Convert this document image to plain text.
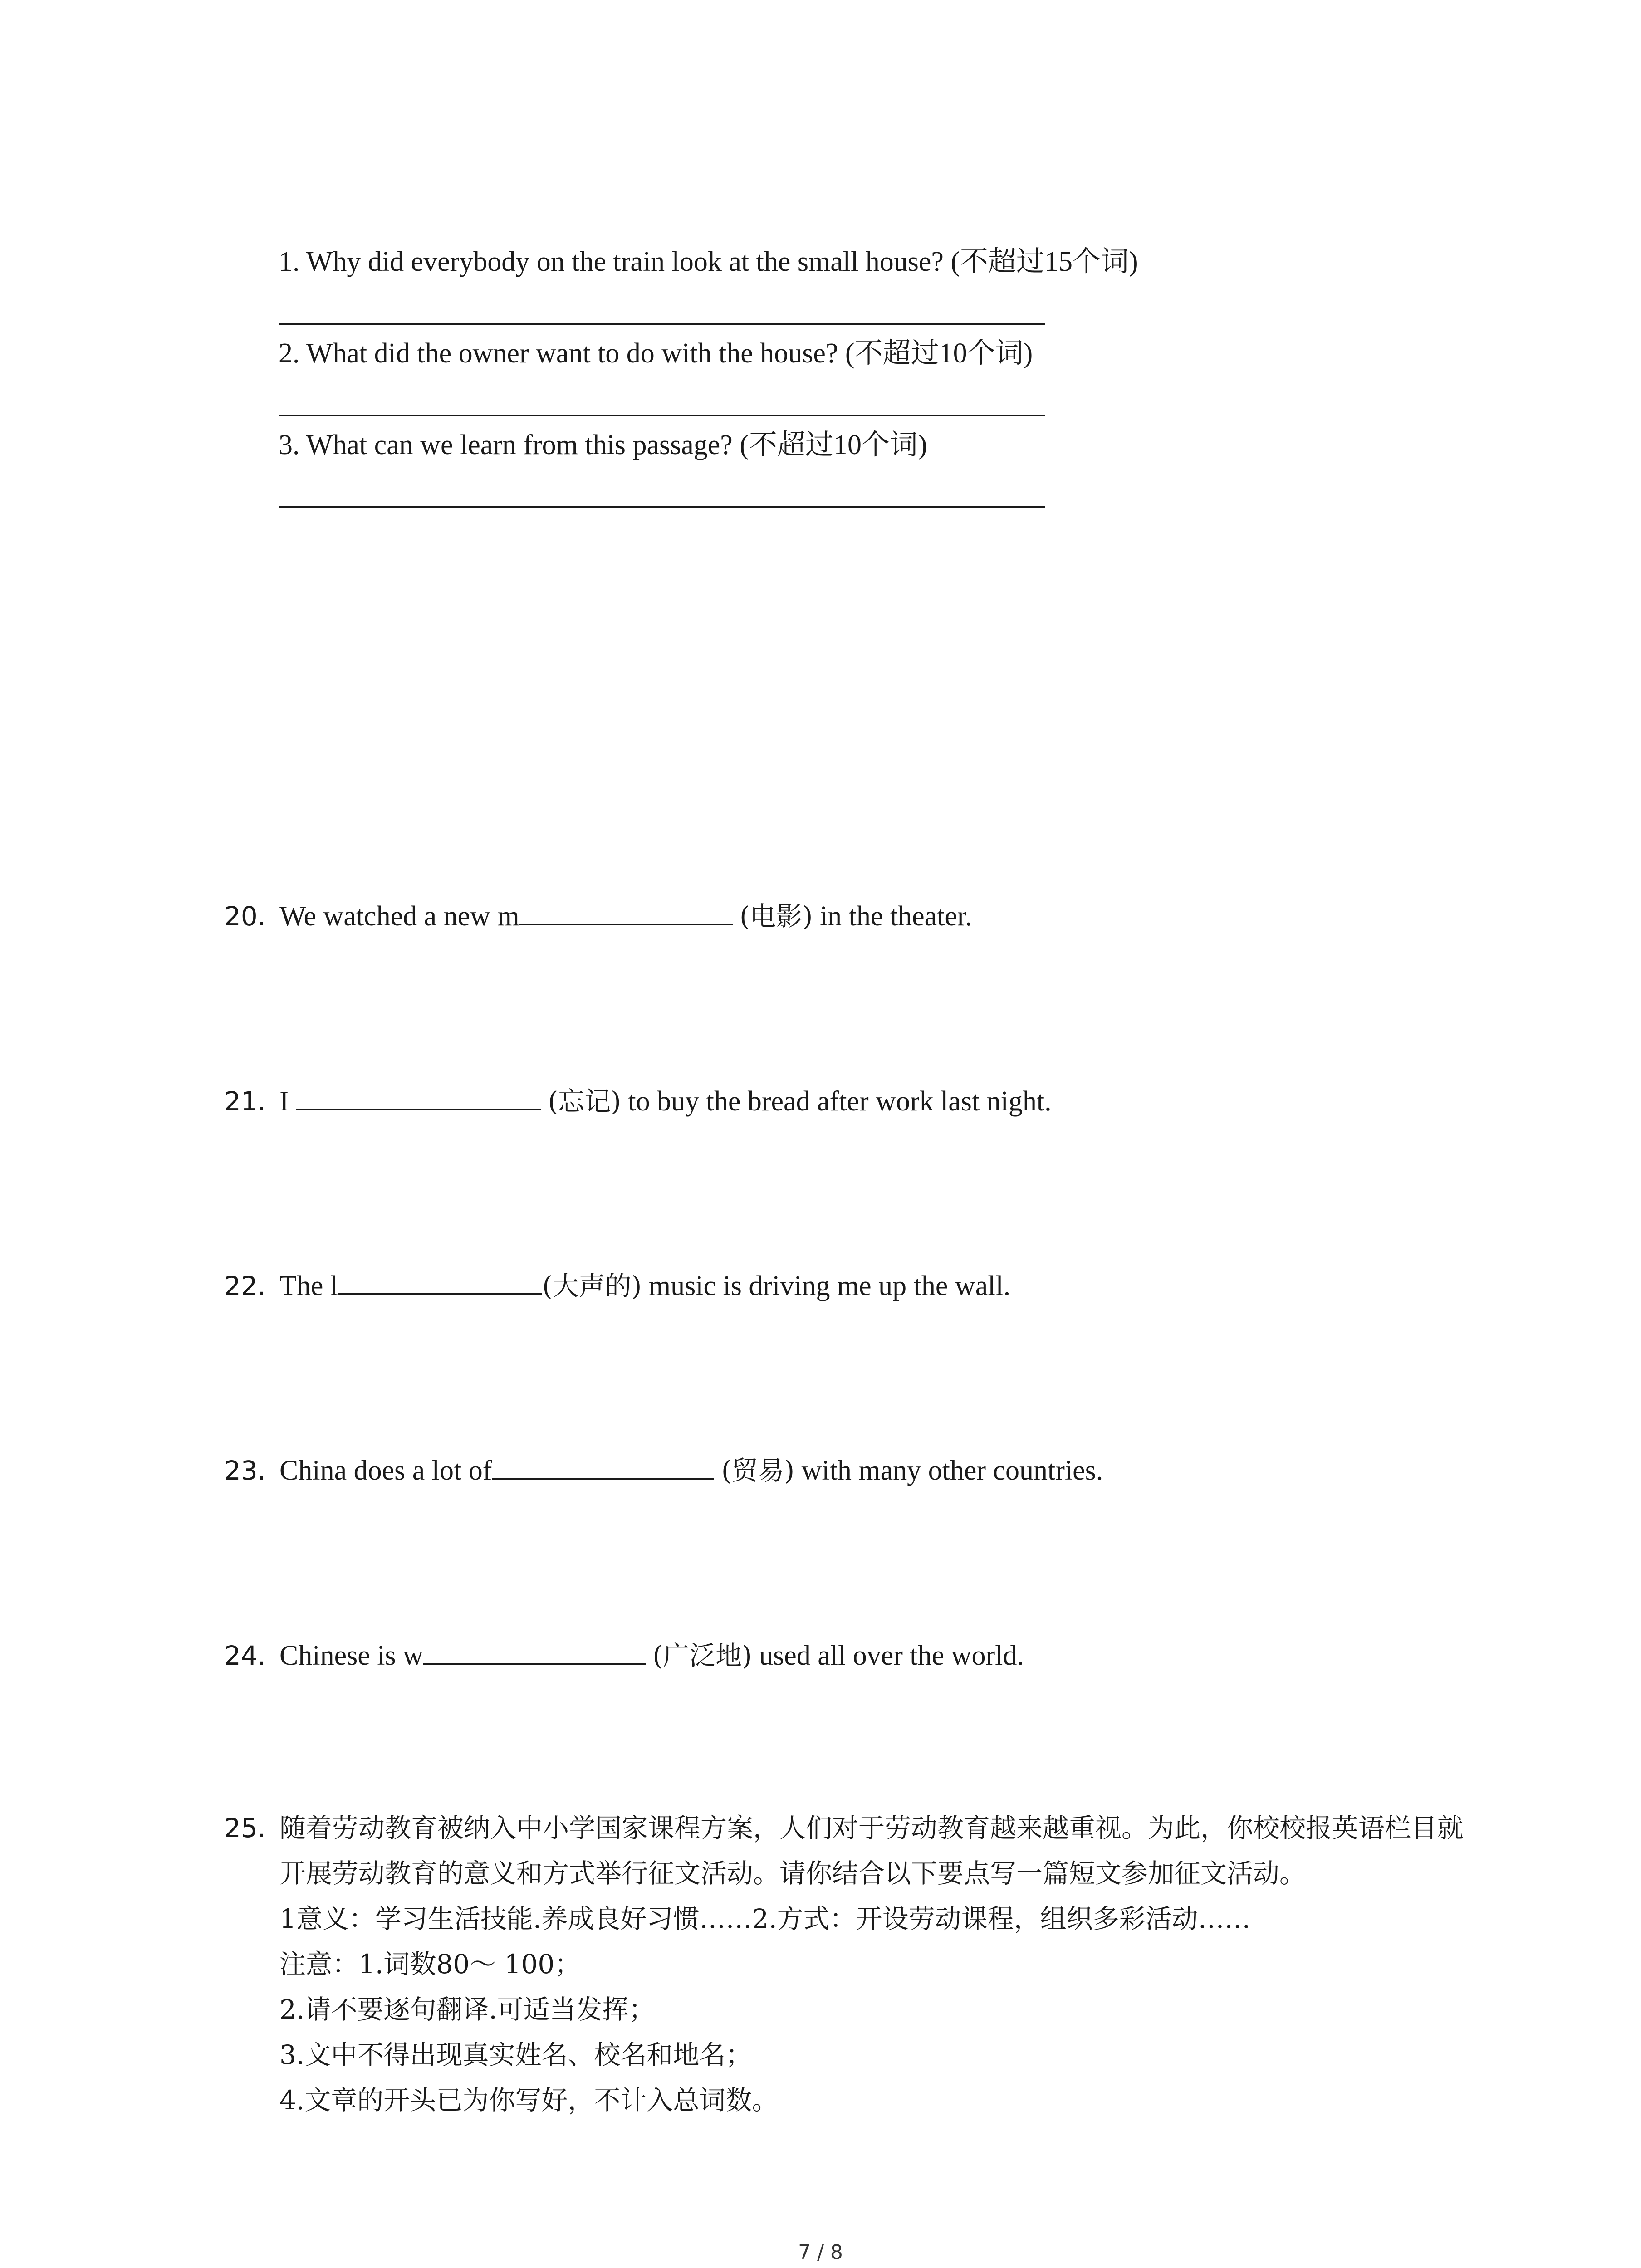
1. Why did everybody on the train look at the small house? (不超过15个词)
2. What did the owner want to do with the house? (不超过10个词)
3. What can we learn from this passage? (不超过10个词)
20. We watched a new m	(电影) in the theater.
21. I	(忘记) to buy the bread after work last night.
22. The l	(大声的) music is driving me up the wall.
23. China does a lot of	(贸易) with many other countries.
24. Chinese is w	(广泛地) used all over the world.
25. 随着劳动教育被纳入中小学国家课程方案，人们对于劳动教育越来越重视。为此，你校校报英语栏目就开展劳动教育的意义和方式举行征文活动。请你结合以下要点写一篇短文参加征文活动。
1意义：学习生活技能.养成良好习惯……2.方式：开设劳动课程，组织多彩活动……
注意：1.词数80～ 100；
2.请不要逐句翻译.可适当发挥；
3.文中不得出现真实姓名、校名和地名；
4.文章的开头已为你写好，不计入总词数。
7 / 8
